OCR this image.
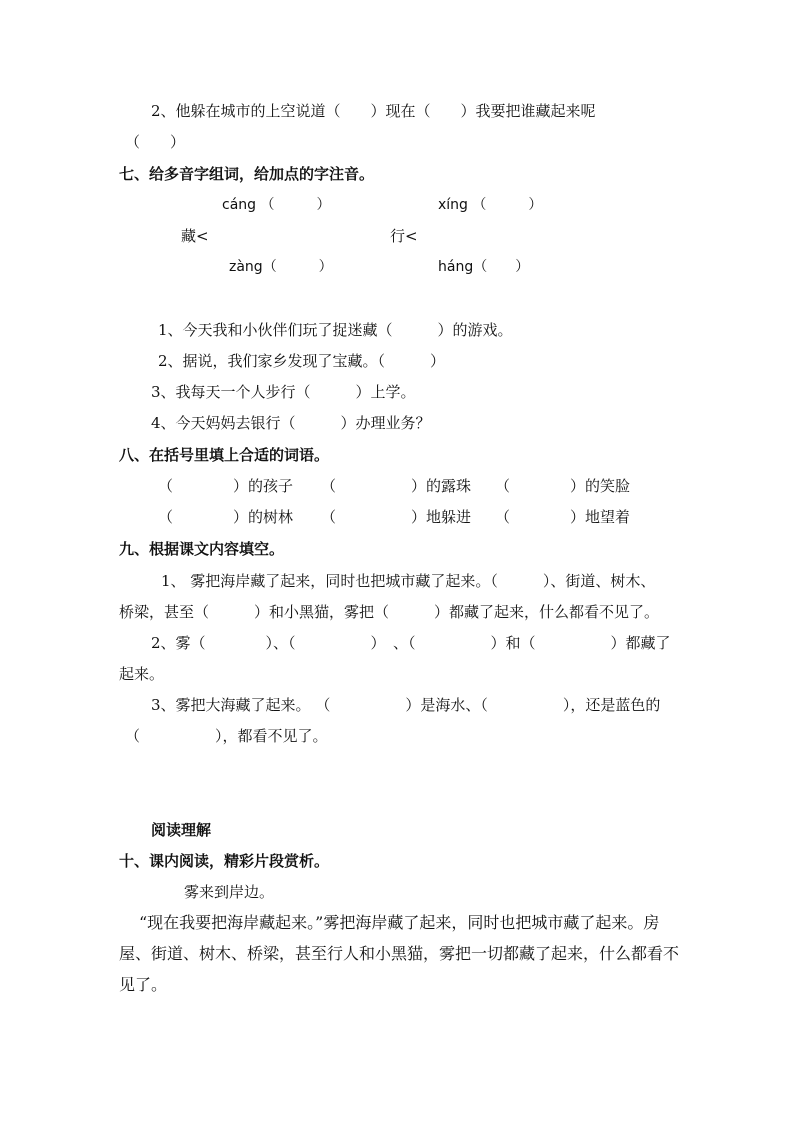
2、他躲在城市的上空说道（　　）现在（　　）我要把谁藏起来呢
（　　）
七、给多音字组词，给加点的字注音。
cáng （　　　）	xíng （　　　）
藏<	行<
zàng（　　　）	háng（　　）
1、今天我和小伙伴们玩了捉迷藏（　　　）的游戏。
2、据说，我们家乡发现了宝藏。（　　　）
3、我每天一个人步行（　　　）上学。
4、今天妈妈去银行（　　　）办理业务？
八、在括号里填上合适的词语。
（　　　　）的孩子 （　　　　　）的露珠 （　　　　）的笑脸
（　　　　）的树林 （　　　　　）地躲进 （　　　　）地望着
九、根据课文内容填空。
1、 雾把海岸藏了起来，同时也把城市藏了起来。（　　　）、街道、树木、
桥梁，甚至（　　　）和小黑猫，雾把（　　　）都藏了起来，什么都看不见了。
2、雾（　　　　）、（　　　　　）　、（　　　　　）和（　　　　　）都藏了
起来。
3、雾把大海藏了起来。 （　　　　　）是海水、（　　　　　），还是蓝色的
（　　　　　），都看不见了。
阅读理解
十、课内阅读，精彩片段赏析。
雾来到岸边。
“现在我要把海岸藏起来。”雾把海岸藏了起来，同时也把城市藏了起来。房
屋、街道、树木、桥梁，甚至行人和小黑猫，雾把一切都藏了起来，什么都看不
见了。
